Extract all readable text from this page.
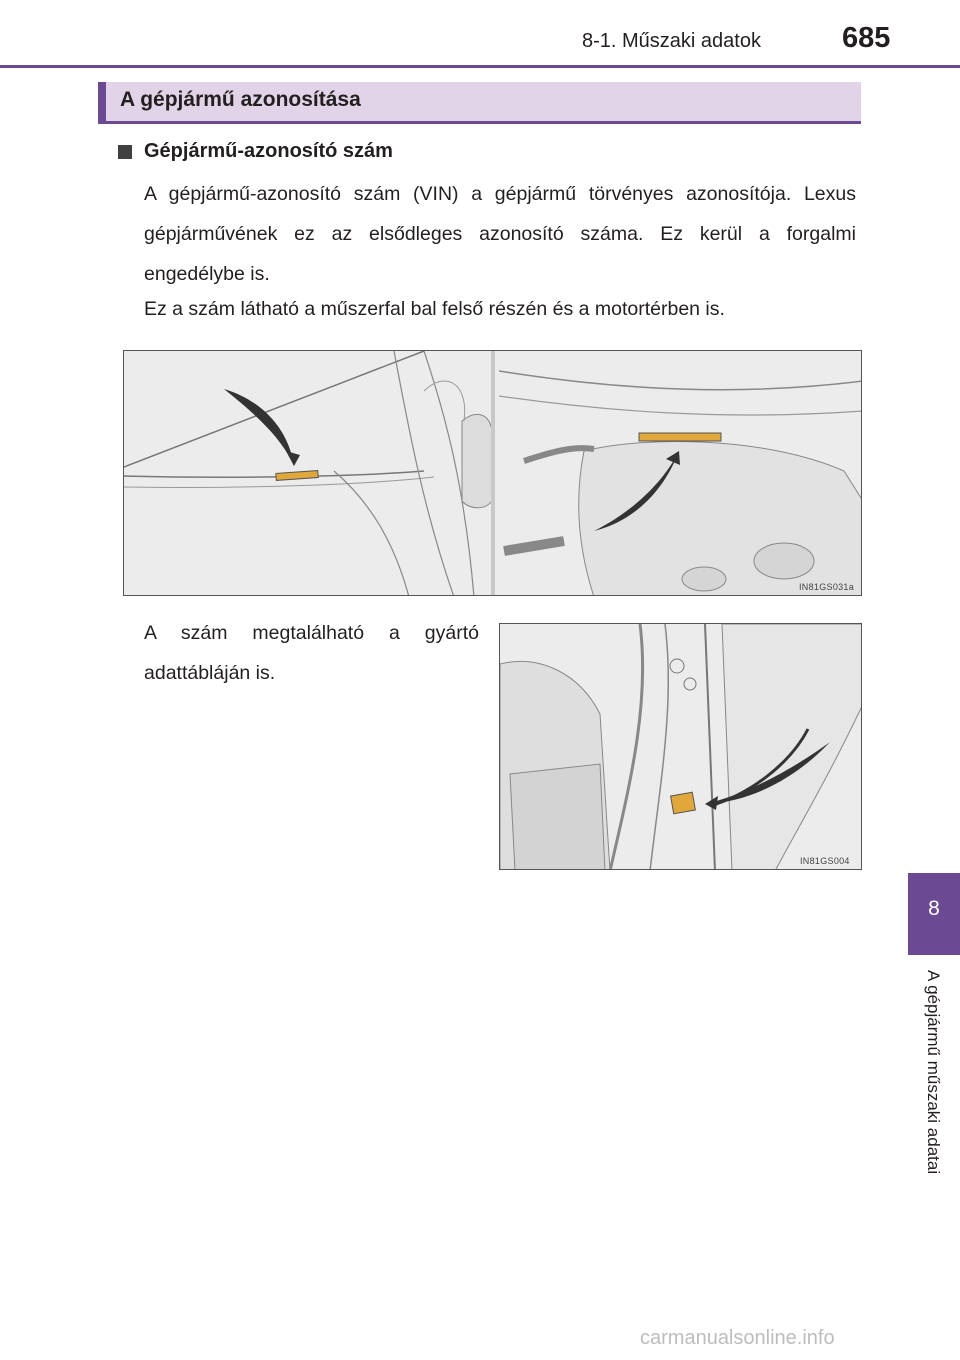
8-1. Műszaki adatok	685
8
A gépjármű műszaki adatai
A gépjármű azonosítása
Gépjármű-azonosító szám
A gépjármű-azonosító szám (VIN) a gépjármű törvényes azonosítója. Lexus gépjárművének ez az elsődleges azonosító száma. Ez kerül a forgalmi engedélybe is.
Ez a szám látható a műszerfal bal felső részén és a motortérben is.
IN81GS031a
A szám megtalálható a gyártó adattábláján is.
IN81GS004
carmanualsonline.info
